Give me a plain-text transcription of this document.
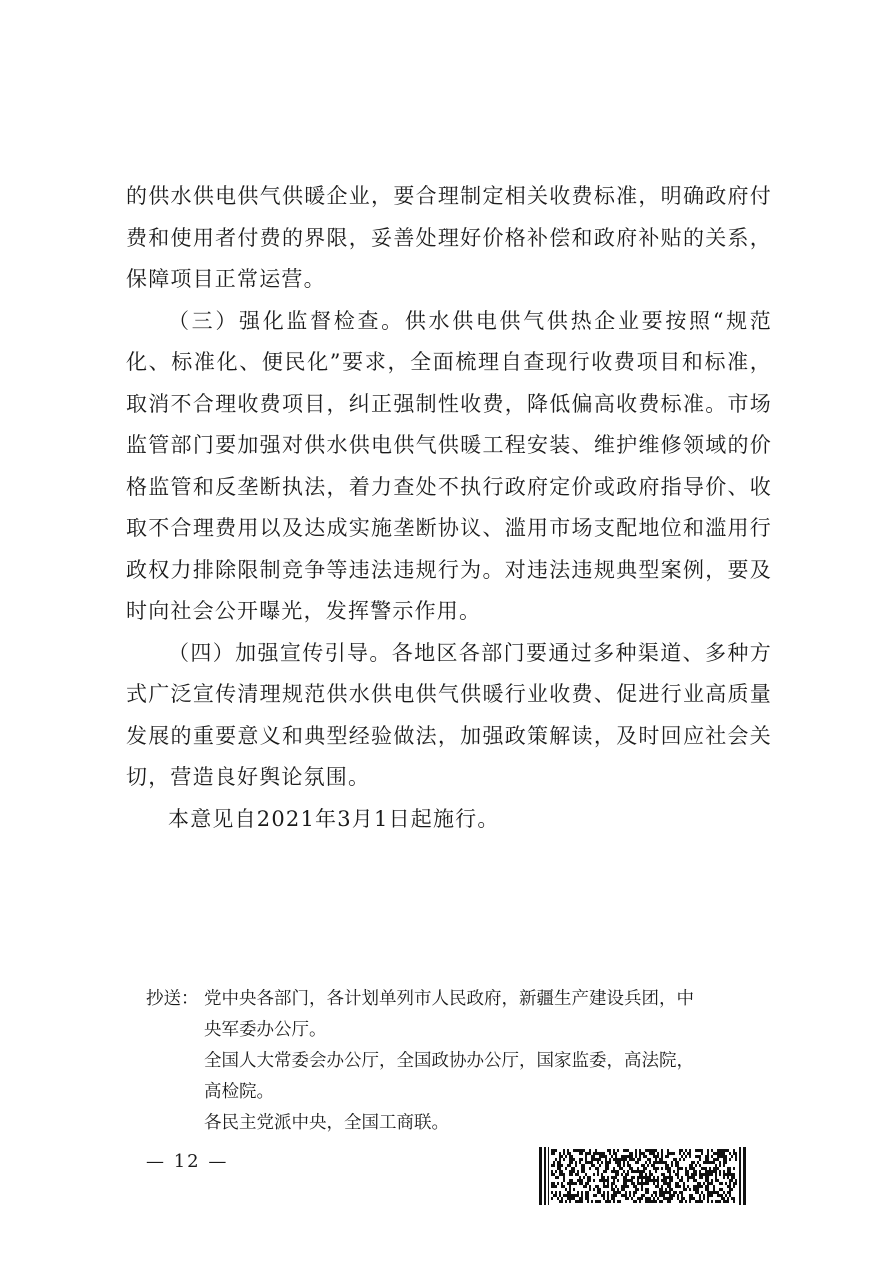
的供水供电供气供暖企业，要合理制定相关收费标准，明确政府付费和使用者付费的界限，妥善处理好价格补偿和政府补贴的关系，保障项目正常运营。

（三）强化监督检查。供水供电供气供热企业要按照“规范化、标准化、便民化”要求，全面梳理自查现行收费项目和标准，取消不合理收费项目，纠正强制性收费，降低偏高收费标准。市场监管部门要加强对供水供电供气供暖工程安装、维护维修领域的价格监管和反垄断执法，着力查处不执行政府定价或政府指导价、收取不合理费用以及达成实施垄断协议、滥用市场支配地位和滥用行政权力排除限制竞争等违法违规行为。对违法违规典型案例，要及时向社会公开曝光，发挥警示作用。

（四）加强宣传引导。各地区各部门要通过多种渠道、多种方式广泛宣传清理规范供水供电供气供暖行业收费、促进行业高质量发展的重要意义和典型经验做法，加强政策解读，及时回应社会关切，营造良好舆论氛围。

本意见自2021年3月1日起施行。

抄送： 党中央各部门，各计划单列市人民政府，新疆生产建设兵团，中
央军委办公厅。
全国人大常委会办公厅，全国政协办公厅，国家监委，高法院，
高检院。
各民主党派中央，全国工商联。
— 12 —
